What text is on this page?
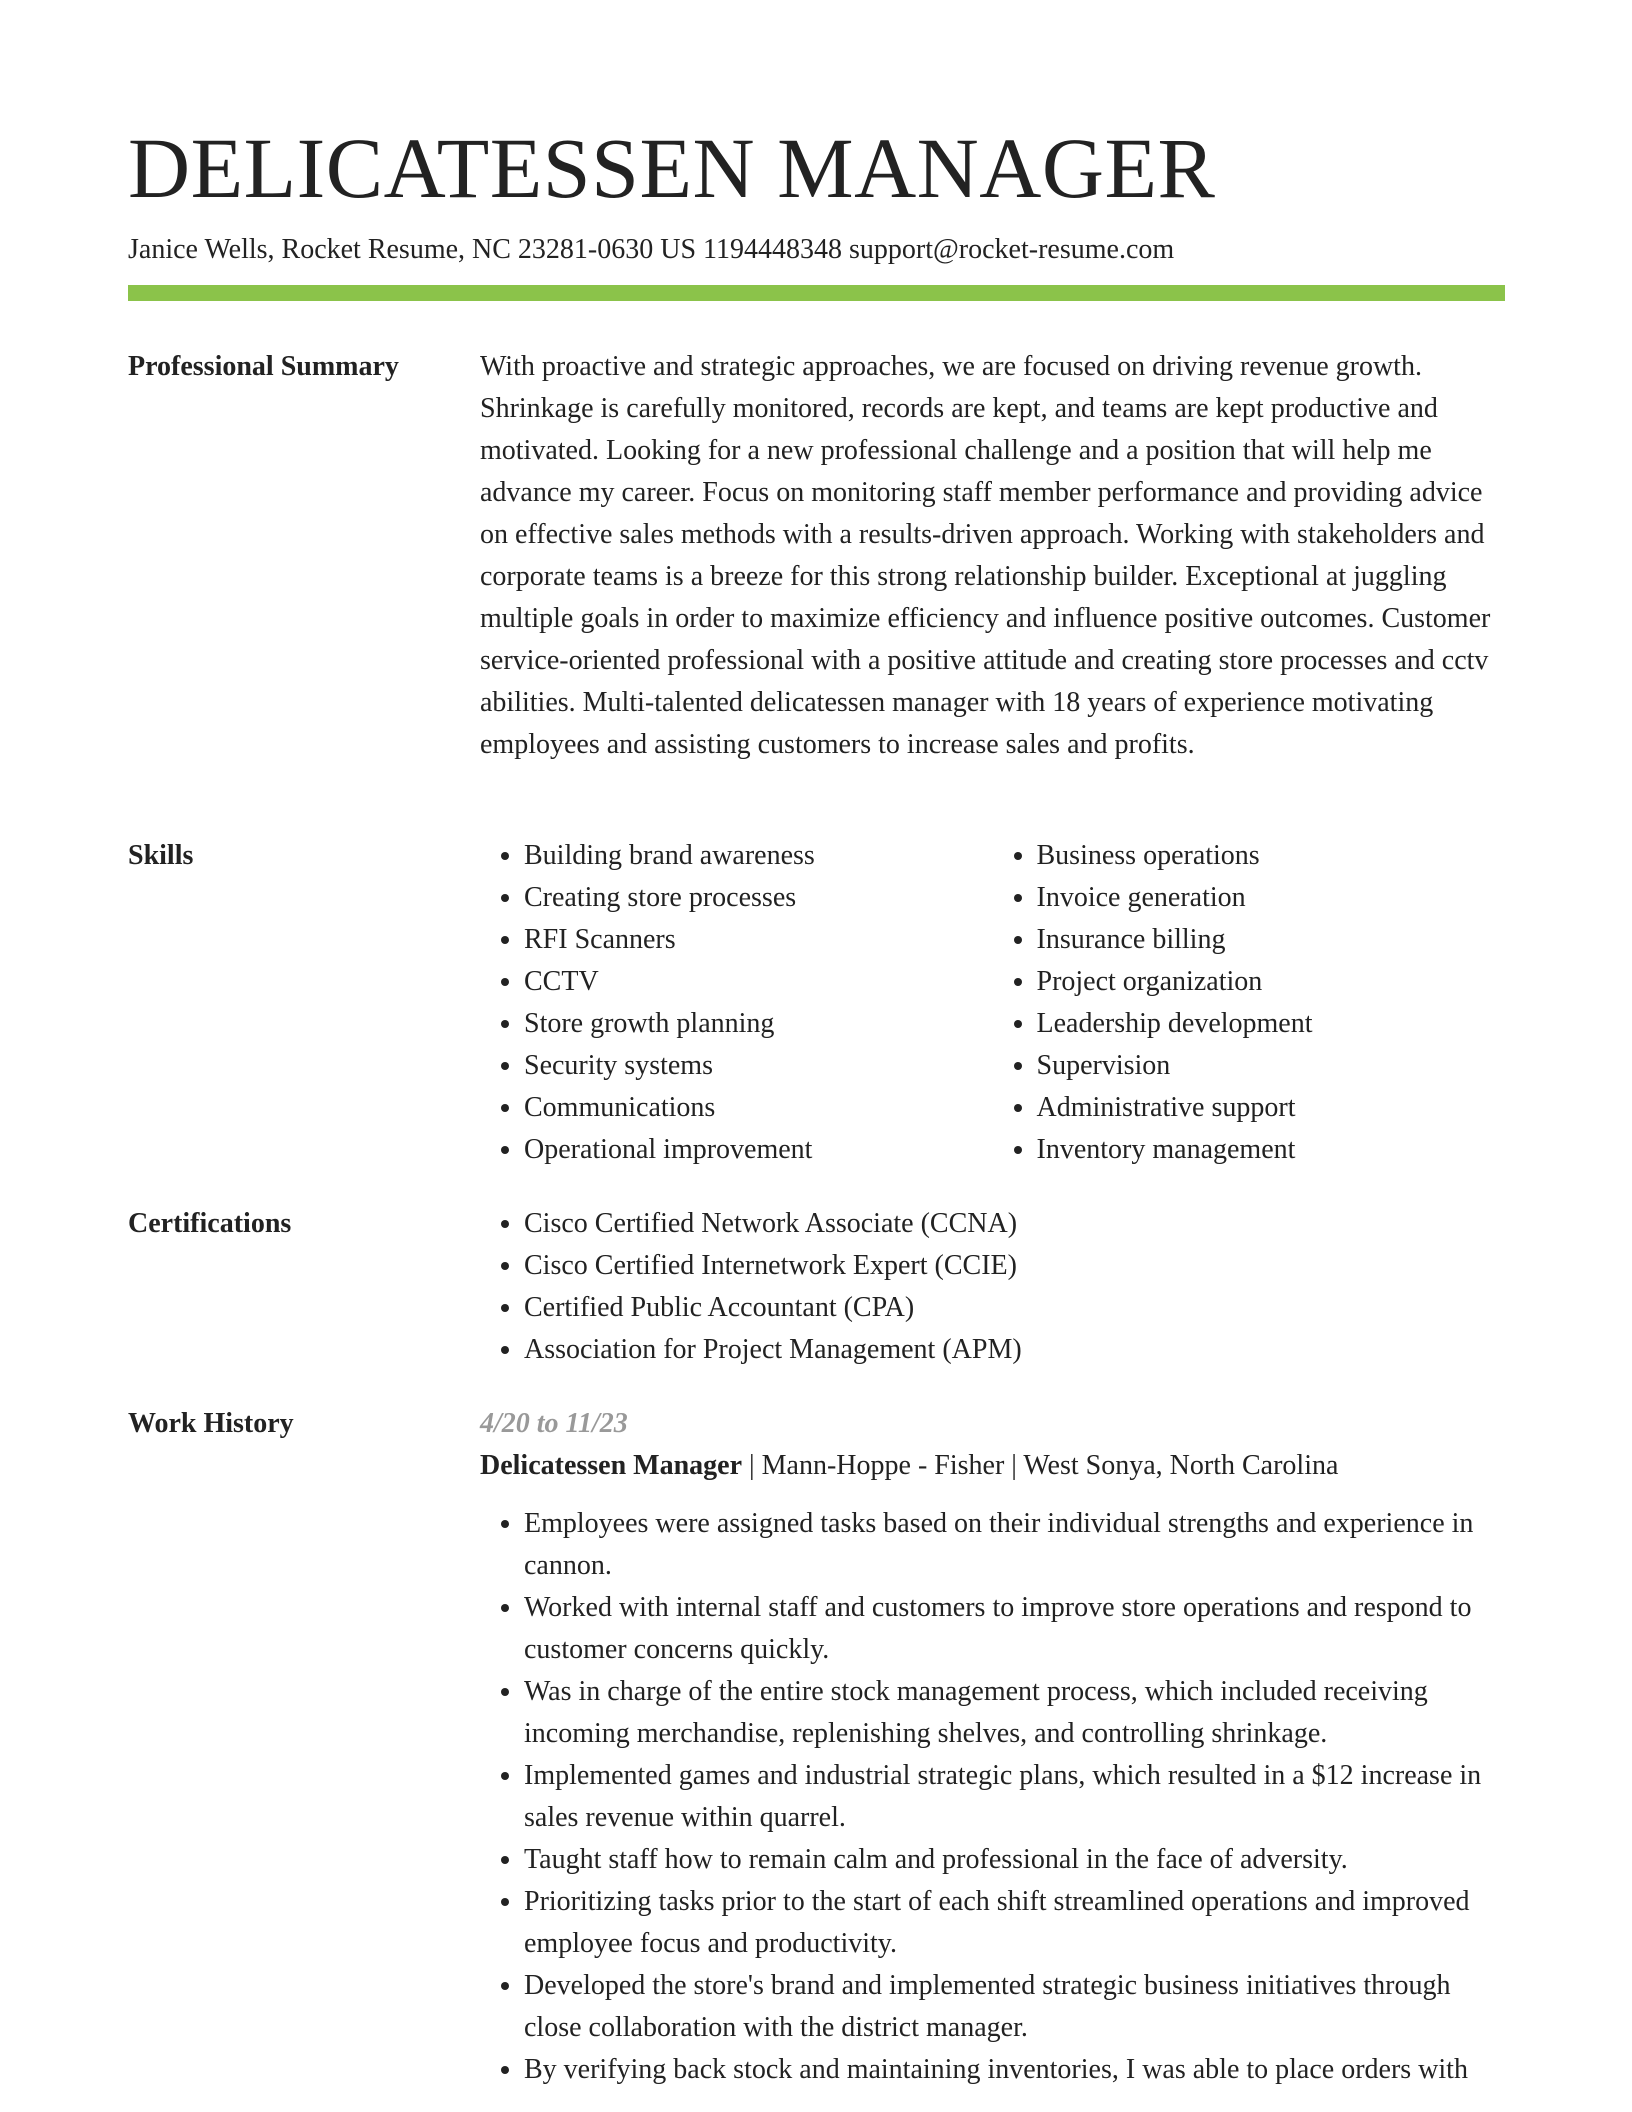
DELICATESSEN MANAGER
Janice Wells, Rocket Resume, NC 23281-0630 US 1194448348 support@rocket-resume.com
Professional Summary	With proactive and strategic approaches, we are focused on driving revenue growth. Shrinkage is carefully monitored, records are kept, and teams are kept productive and motivated. Looking for a new professional challenge and a position that will help me advance my career. Focus on monitoring staff member performance and providing advice on effective sales methods with a results-driven approach. Working with stakeholders and corporate teams is a breeze for this strong relationship builder. Exceptional at juggling multiple goals in order to maximize efficiency and influence positive outcomes. Customer service-oriented professional with a positive attitude and creating store processes and cctv abilities. Multi-talented delicatessen manager with 18 years of experience motivating employees and assisting customers to increase sales and profits.

Skills	• Building brand awareness
• Creating store processes
• RFI Scanners
• CCTV
• Store growth planning
• Security systems
• Communications
• Operational improvement
• Business operations
• Invoice generation
• Insurance billing
• Project organization
• Leadership development
• Supervision
• Administrative support
• Inventory management
Certifications	• Cisco Certified Network Associate (CCNA)
• Cisco Certified Internetwork Expert (CCIE)
• Certified Public Accountant (CPA)
• Association for Project Management (APM)
Work History	4/20 to 11/23
Delicatessen Manager | Mann-Hoppe - Fisher | West Sonya, North Carolina
• Employees were assigned tasks based on their individual strengths and experience in cannon.
• Worked with internal staff and customers to improve store operations and respond to customer concerns quickly.
• Was in charge of the entire stock management process, which included receiving incoming merchandise, replenishing shelves, and controlling shrinkage.
• Implemented games and industrial strategic plans, which resulted in a $12 increase in sales revenue within quarrel.
• Taught staff how to remain calm and professional in the face of adversity.
• Prioritizing tasks prior to the start of each shift streamlined operations and improved employee focus and productivity.
• Developed the store's brand and implemented strategic business initiatives through close collaboration with the district manager.
• By verifying back stock and maintaining inventories, I was able to place orders with
